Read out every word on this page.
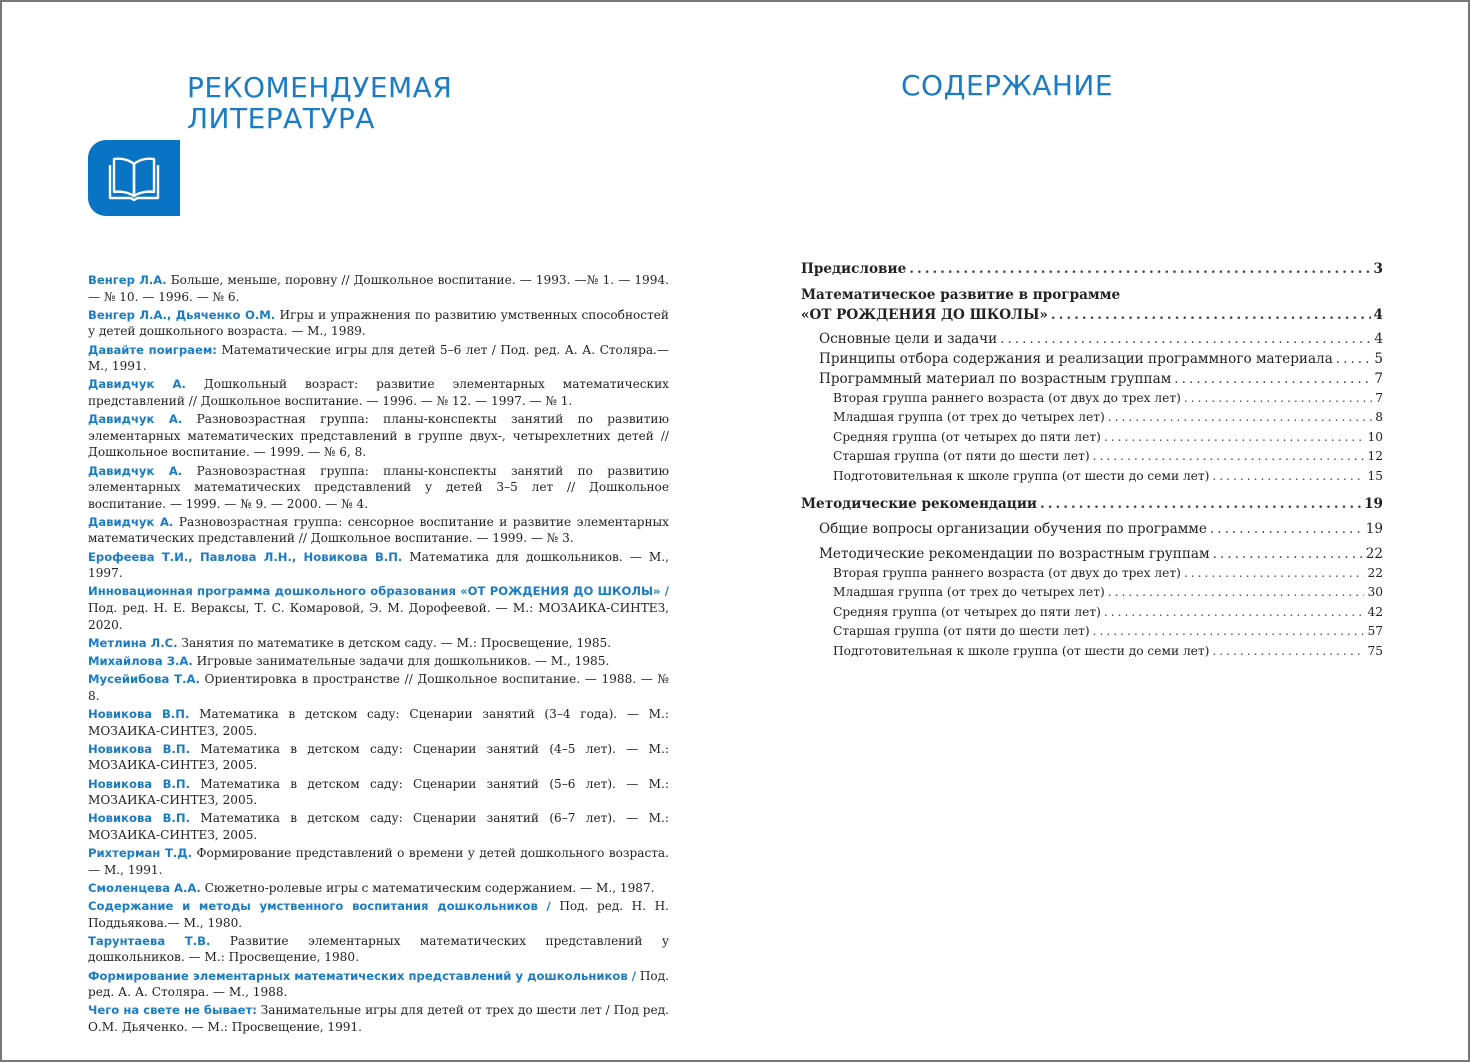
РЕКОМЕНДУЕМАЯ
ЛИТЕРАТУРА

Венгер Л.А. Больше, меньше, поровну // Дошкольное воспитание. — 1993. —№ 1. — 1994. — № 10. — 1996. — № 6.

Венгер Л.А., Дьяченко О.М. Игры и упражнения по развитию умственных способностей у детей дошкольного возраста. — М., 1989.

Давайте поиграем: Математические игры для детей 5–6 лет / Под. ред. А. А. Столяра.— М., 1991.

Давидчук А. Дошкольный возраст: развитие элементарных математических представлений // Дошкольное воспитание. — 1996. — № 12. — 1997. — № 1.

Давидчук А. Разновозрастная группа: планы-конспекты занятий по развитию элементарных математических представлений в группе двух-, четырехлетних детей // Дошкольное воспитание. — 1999. — № 6, 8.

Давидчук А. Разновозрастная группа: планы-конспекты занятий по развитию элементарных математических представлений у детей 3–5 лет // Дошкольное воспитание. — 1999. — № 9. — 2000. — № 4.

Давидчук А. Разновозрастная группа: сенсорное воспитание и развитие элементарных математических представлений // Дошкольное воспитание. — 1999. — № 3.

Ерофеева Т.И., Павлова Л.Н., Новикова В.П. Математика для дошкольников. — М., 1997.

Инновационная программа дошкольного образования «ОТ РОЖДЕНИЯ ДО ШКОЛЫ» / Под. ред. Н. Е. Вераксы, Т. С. Комаровой, Э. М. Дорофеевой. — М.: МОЗАИКА-СИНТЕЗ, 2020.

Метлина Л.С. Занятия по математике в детском саду. — М.: Просвещение, 1985.

Михайлова З.А. Игровые занимательные задачи для дошкольников. — М., 1985.

Мусейибова Т.А. Ориентировка в пространстве // Дошкольное воспитание. — 1988. — № 8.

Новикова В.П. Математика в детском саду: Сценарии занятий (3–4 года). — М.: МОЗАИКА-СИНТЕЗ, 2005.

Новикова В.П. Математика в детском саду: Сценарии занятий (4–5 лет). — М.: МОЗАИКА-СИНТЕЗ, 2005.

Новикова В.П. Математика в детском саду: Сценарии занятий (5–6 лет). — М.: МОЗАИКА-СИНТЕЗ, 2005.

Новикова В.П. Математика в детском саду: Сценарии занятий (6–7 лет). — М.: МОЗАИКА-СИНТЕЗ, 2005.

Рихтерман Т.Д. Формирование представлений о времени у детей дошкольного возраста. — М., 1991.

Смоленцева А.А. Сюжетно-ролевые игры с математическим содержанием. — М., 1987.

Содержание и методы умственного воспитания дошкольников / Под. ред. Н. Н. Поддьякова.— М., 1980.

Тарунтаева Т.В. Развитие элементарных математических представлений у дошкольников. — М.: Просвещение, 1980.

Формирование элементарных математических представлений у дошкольников / Под. ред. А. А. Столяра. — М., 1988.

Чего на свете не бывает: Занимательные игры для детей от трех до шести лет / Под ред. О.М. Дьяченко. — М.: Просвещение, 1991.

СОДЕРЖАНИЕ
Предисловие .....	3
Математическое развитие в программе
«ОТ РОЖДЕНИЯ ДО ШКОЛЫ» .....	4
Основные цели и задачи .....	4
Принципы отбора содержания и реализации программного материала .....	5
Программный материал по возрастным группам .....	7
Вторая группа раннего возраста (от двух до трех лет) .....	7
Младшая группа (от трех до четырех лет) .....	8
Средняя группа (от четырех до пяти лет) .....	10
Старшая группа (от пяти до шести лет) .....	12
Подготовительная к школе группа (от шести до семи лет) .....	15
Методические рекомендации .....	19
Общие вопросы организации обучения по программе .....	19
Методические рекомендации по возрастным группам .....	22
Вторая группа раннего возраста (от двух до трех лет) .....	22
Младшая группа (от трех до четырех лет) .....	30
Средняя группа (от четырех до пяти лет) .....	42
Старшая группа (от пяти до шести лет) .....	57
Подготовительная к школе группа (от шести до семи лет) .....	75
